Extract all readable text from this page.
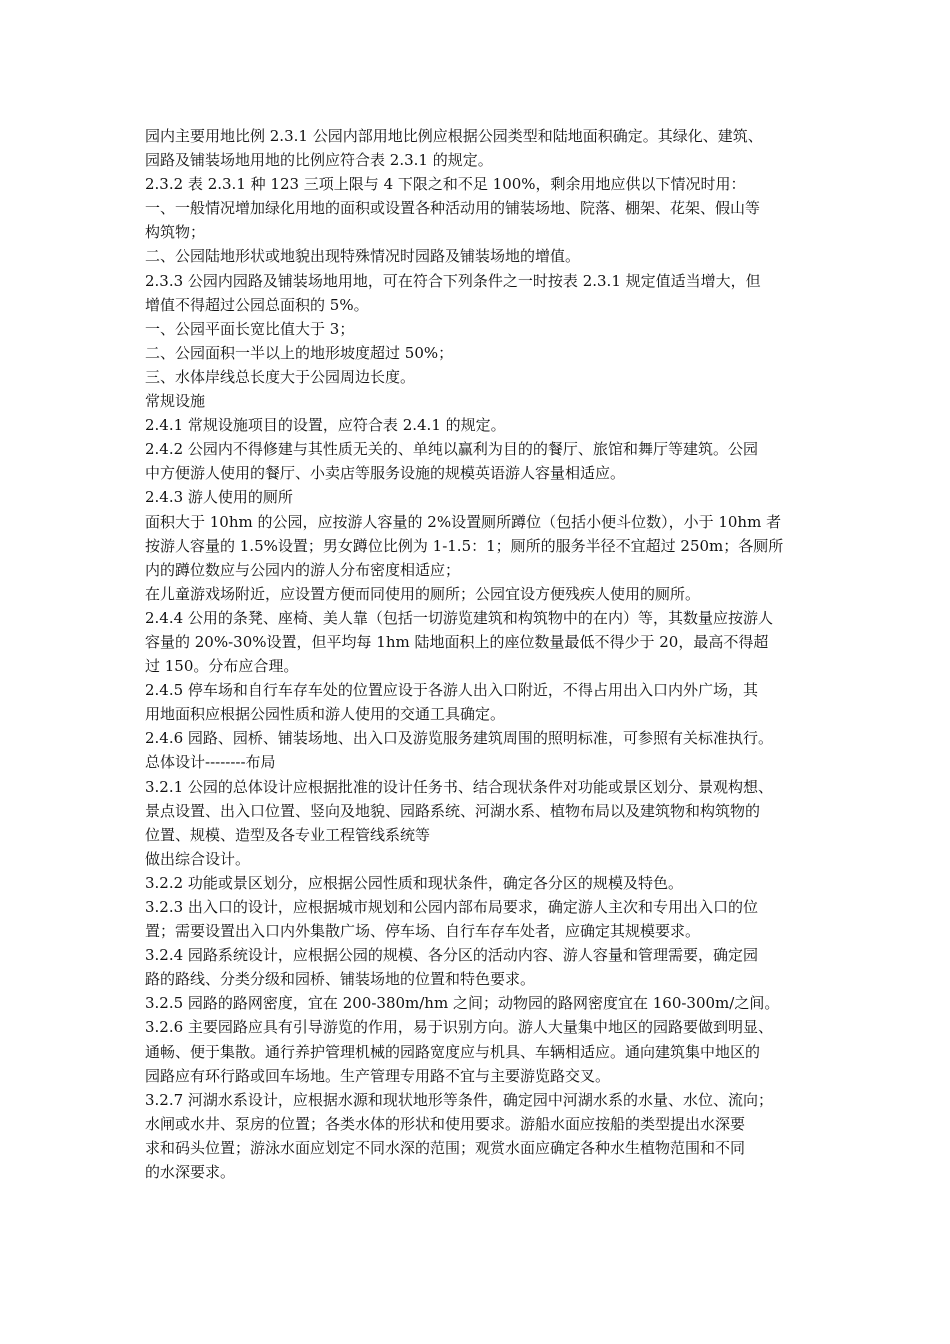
园内主要用地比例 2.3.1 公园内部用地比例应根据公园类型和陆地面积确定。其绿化、建筑、
园路及铺装场地用地的比例应符合表 2.3.1 的规定。
2.3.2 表 2.3.1 种 123 三项上限与 4 下限之和不足 100%，剩余用地应供以下情况时用：
一、一般情况增加绿化用地的面积或设置各种活动用的铺装场地、院落、棚架、花架、假山等
构筑物；
二、公园陆地形状或地貌出现特殊情况时园路及铺装场地的增值。
2.3.3 公园内园路及铺装场地用地，可在符合下列条件之一时按表 2.3.1 规定值适当增大，但
增值不得超过公园总面积的 5%。
一、公园平面长宽比值大于 3；
二、公园面积一半以上的地形坡度超过 50%；
三、水体岸线总长度大于公园周边长度。
常规设施
2.4.1 常规设施项目的设置，应符合表 2.4.1 的规定。
2.4.2 公园内不得修建与其性质无关的、单纯以赢利为目的的餐厅、旅馆和舞厅等建筑。公园
中方便游人使用的餐厅、小卖店等服务设施的规模英语游人容量相适应。
2.4.3 游人使用的厕所
面积大于 10hm 的公园，应按游人容量的 2%设置厕所蹲位（包括小便斗位数），小于 10hm 者
按游人容量的 1.5%设置；男女蹲位比例为 1-1.5：1；厕所的服务半径不宜超过 250m；各厕所
内的蹲位数应与公园内的游人分布密度相适应；
在儿童游戏场附近，应设置方便而同使用的厕所；公园宜设方便残疾人使用的厕所。
2.4.4 公用的条凳、座椅、美人靠（包括一切游览建筑和构筑物中的在内）等，其数量应按游人
容量的 20%-30%设置，但平均每 1hm 陆地面积上的座位数量最低不得少于 20，最高不得超
过 150。分布应合理。
2.4.5 停车场和自行车存车处的位置应设于各游人出入口附近，不得占用出入口内外广场，其
用地面积应根据公园性质和游人使用的交通工具确定。
2.4.6 园路、园桥、铺装场地、出入口及游览服务建筑周围的照明标准，可参照有关标准执行。
总体设计--------布局
3.2.1 公园的总体设计应根据批准的设计任务书、结合现状条件对功能或景区划分、景观构想、
景点设置、出入口位置、竖向及地貌、园路系统、河湖水系、植物布局以及建筑物和构筑物的
位置、规模、造型及各专业工程管线系统等
做出综合设计。
3.2.2 功能或景区划分，应根据公园性质和现状条件，确定各分区的规模及特色。
3.2.3 出入口的设计，应根据城市规划和公园内部布局要求，确定游人主次和专用出入口的位
置；需要设置出入口内外集散广场、停车场、自行车存车处者，应确定其规模要求。
3.2.4 园路系统设计，应根据公园的规模、各分区的活动内容、游人容量和管理需要，确定园
路的路线、分类分级和园桥、铺装场地的位置和特色要求。
3.2.5 园路的路网密度，宜在 200-380m/hm 之间；动物园的路网密度宜在 160-300m/之间。
3.2.6 主要园路应具有引导游览的作用，易于识别方向。游人大量集中地区的园路要做到明显、
通畅、便于集散。通行养护管理机械的园路宽度应与机具、车辆相适应。通向建筑集中地区的
园路应有环行路或回车场地。生产管理专用路不宜与主要游览路交叉。
3.2.7 河湖水系设计，应根据水源和现状地形等条件，确定园中河湖水系的水量、水位、流向；
水闸或水井、泵房的位置；各类水体的形状和使用要求。游船水面应按船的类型提出水深要
求和码头位置；游泳水面应划定不同水深的范围；观赏水面应确定各种水生植物范围和不同
的水深要求。
